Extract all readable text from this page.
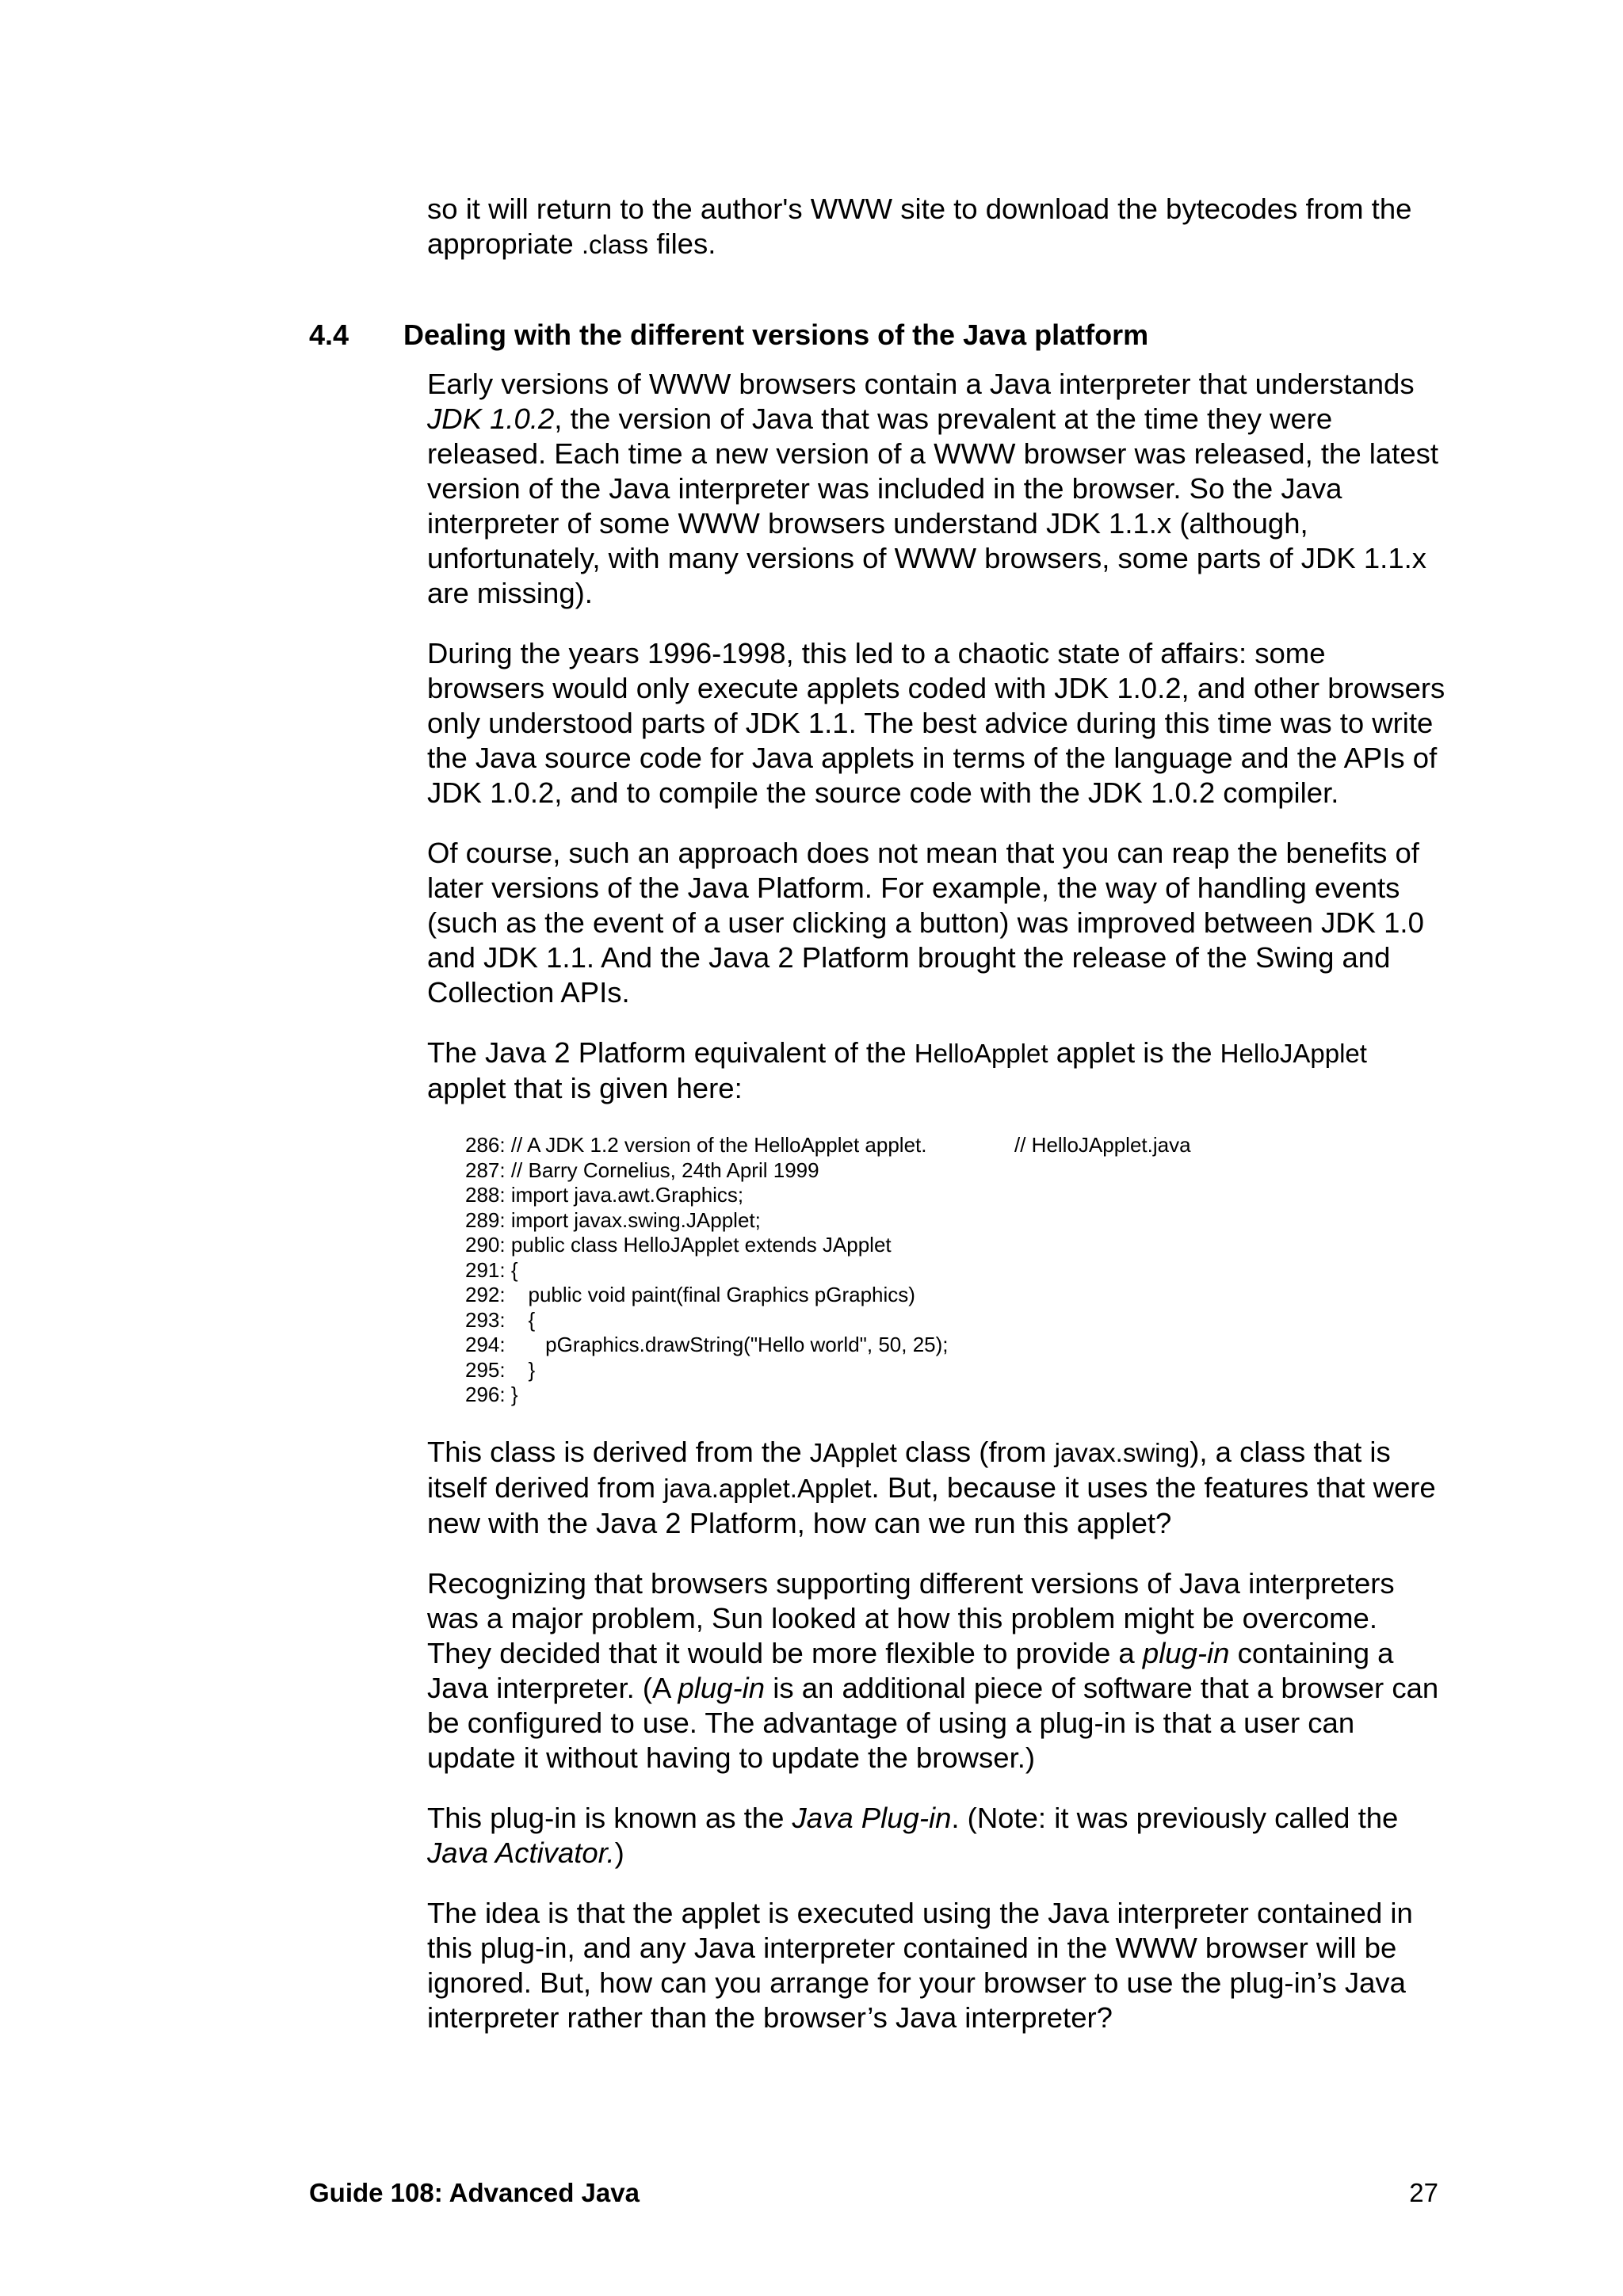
so it will return to the author's WWW site to download the bytecodes from the appropriate .class files.

4.4 Dealing with the different versions of the Java platform

Early versions of WWW browsers contain a Java interpreter that understands JDK 1.0.2, the version of Java that was prevalent at the time they were released. Each time a new version of a WWW browser was released, the latest version of the Java interpreter was included in the browser. So the Java interpreter of some WWW browsers understand JDK 1.1.x (although, unfortunately, with many versions of WWW browsers, some parts of JDK 1.1.x are missing).

During the years 1996-1998, this led to a chaotic state of affairs: some browsers would only execute applets coded with JDK 1.0.2, and other browsers only understood parts of JDK 1.1. The best advice during this time was to write the Java source code for Java applets in terms of the language and the APIs of JDK 1.0.2, and to compile the source code with the JDK 1.0.2 compiler.

Of course, such an approach does not mean that you can reap the benefits of later versions of the Java Platform. For example, the way of handling events (such as the event of a user clicking a button) was improved between JDK 1.0 and JDK 1.1. And the Java 2 Platform brought the release of the Swing and Collection APIs.

The Java 2 Platform equivalent of the HelloApplet applet is the HelloJApplet applet that is given here:

286: // A JDK 1.2 version of the HelloApplet applet.
287: // Barry Cornelius, 24th April 1999
288: import java.awt.Graphics;
289: import javax.swing.JApplet;
290: public class HelloJApplet extends JApplet
291: {
292:    public void paint(final Graphics pGraphics)
293:    {
294:       pGraphics.drawString("Hello world", 50, 25);
295:    }
296: }
// HelloJApplet.java

This class is derived from the JApplet class (from javax.swing), a class that is itself derived from java.applet.Applet. But, because it uses the features that were new with the Java 2 Platform, how can we run this applet?

Recognizing that browsers supporting different versions of Java interpreters was a major problem, Sun looked at how this problem might be overcome. They decided that it would be more flexible to provide a plug-in containing a Java interpreter. (A plug-in is an additional piece of software that a browser can be configured to use. The advantage of using a plug-in is that a user can update it without having to update the browser.)

This plug-in is known as the Java Plug-in. (Note: it was previously called the Java Activator.)

The idea is that the applet is executed using the Java interpreter contained in this plug-in, and any Java interpreter contained in the WWW browser will be ignored. But, how can you arrange for your browser to use the plug-in’s Java interpreter rather than the browser’s Java interpreter?

Guide 108: Advanced Java	27
